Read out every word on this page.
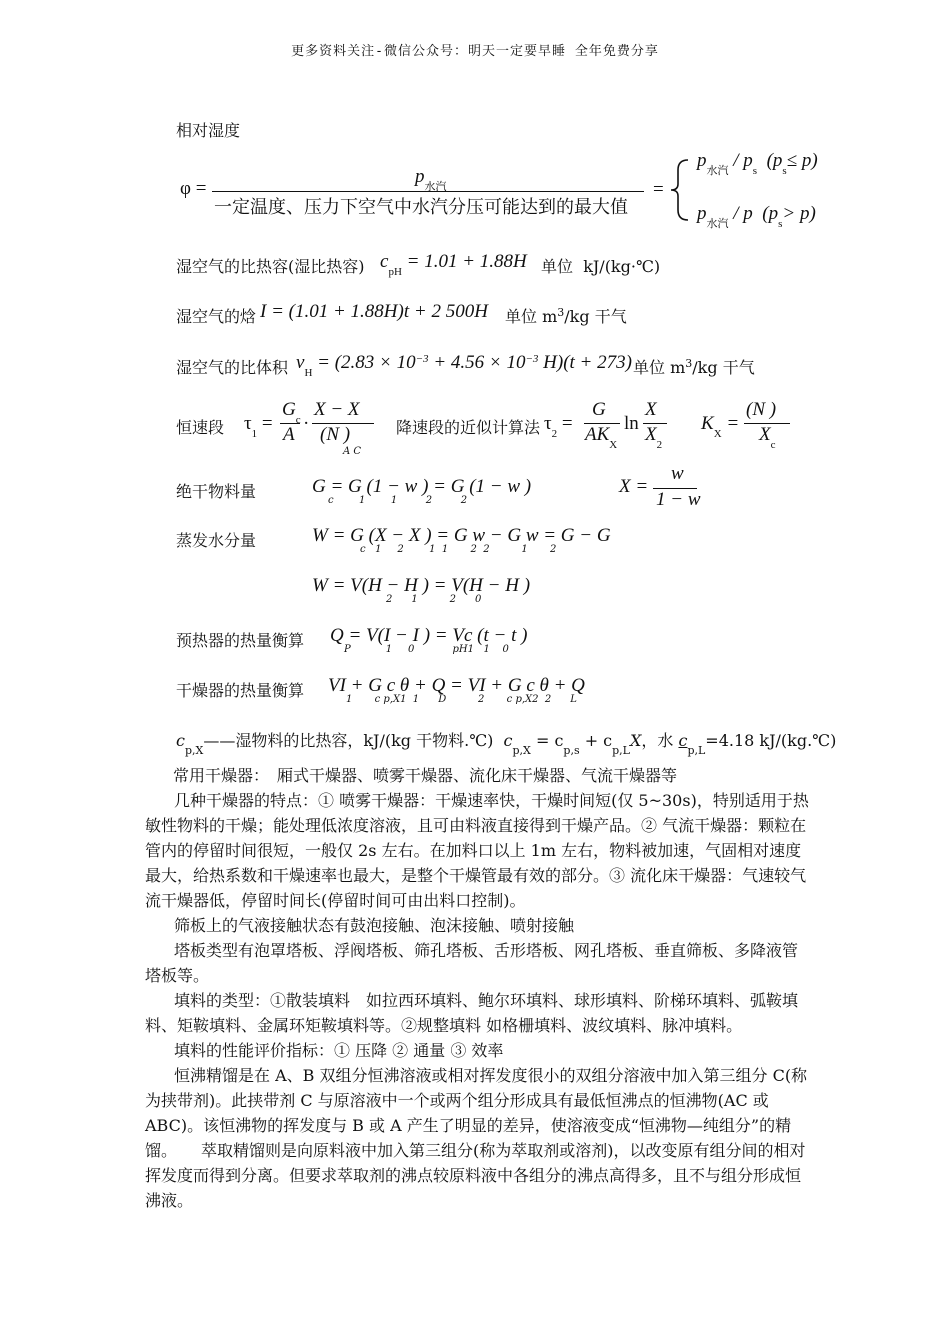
更多资料关注-微信公众号：明天一定要早睡 全年免费分享
相对湿度
φ =
$p_{水汽}$
一定温度、压力下空气中水汽分压可能达到的最大值
=
$p_{水汽} / p_s$ $(p_s\le p)$
$p_{水汽}$ / p $(p_s> p)$
湿空气的比热容(湿比热容) $c_{pH} = 1.01 + 1.88H$ 单位 kJ/(kg·℃)
湿空气的焓 I = (1.01 + 1.88H)t + 2 500H 单位 $m^3/kg$ 干气
湿空气的比体积 $v_H = (2.83 \times 10^{-3} + 4.56 \times 10^{-3}$ H)(t + 273) 单位 $m^3/kg$ 干气
恒速段 $\tau_1$ =
$G_c$
A
·
X − X
(N )
A C
降速段的近似计算法 $\tau_2$ =
G
$AK_X$
ln
X
$X_2$
$K_X$ =
(N )
$X_c$
绝干物料量	G = G (1 − w ) = G (1 − w )
c        1        1         2         2
X =
w
1 − w
蒸发水分量	W = G (X − X ) = G w − G w = G − G
c   1     2        1  1       2  2          1       2
W = V(H − H ) = V(H − H )
2      1          2      0
预热器的热量衡算 Q = V(I − I ) = Vc (t − t )
P           1     0            pH1   1    0
干燥器的热量衡算 VI + G c θ + Q = VI + G c θ + Q
1       c p,X1  1      D          2       c p,X2  2      L
$c_{p,X}——$湿物料的比热容，kJ/(kg 干物料.℃) $c_{p,X} = c_{p,s} + c_{p,L}X$，水 $c_{p,L}=4.18$ kJ/(kg.℃)
常用干燥器：　厢式干燥器、喷雾干燥器、流化床干燥器、气流干燥器等
几种干燥器的特点：① 喷雾干燥器：干燥速率快，干燥时间短(仅 5~30s)，特别适用于热敏性物料的干燥；能处理低浓度溶液，且可由料液直接得到干燥产品。② 气流干燥器：颗粒在管内的停留时间很短，一般仅 2s 左右。在加料口以上 1m 左右，物料被加速，气固相对速度最大，给热系数和干燥速率也最大，是整个干燥管最有效的部分。③ 流化床干燥器：气速较气流干燥器低，停留时间长(停留时间可由出料口控制)。
筛板上的气液接触状态有鼓泡接触、泡沫接触、喷射接触
塔板类型有泡罩塔板、浮阀塔板、筛孔塔板、舌形塔板、网孔塔板、垂直筛板、多降液管塔板等。
填料的类型：①散装填料　如拉西环填料、鲍尔环填料、球形填料、阶梯环填料、弧鞍填料、矩鞍填料、金属环矩鞍填料等。②规整填料 如格栅填料、波纹填料、脉冲填料。
填料的性能评价指标：① 压降 ② 通量 ③ 效率
恒沸精馏是在 A、B 双组分恒沸溶液或相对挥发度很小的双组分溶液中加入第三组分 C(称为挟带剂)。此挟带剂 C 与原溶液中一个或两个组分形成具有最低恒沸点的恒沸物(AC 或 ABC)。该恒沸物的挥发度与 B 或 A 产生了明显的差异，使溶液变成“恒沸物—纯组分”的精馏。　　萃取精馏则是向原料液中加入第三组分(称为萃取剂或溶剂)，以改变原有组分间的相对挥发度而得到分离。但要求萃取剂的沸点较原料液中各组分的沸点高得多，且不与组分形成恒沸液。
